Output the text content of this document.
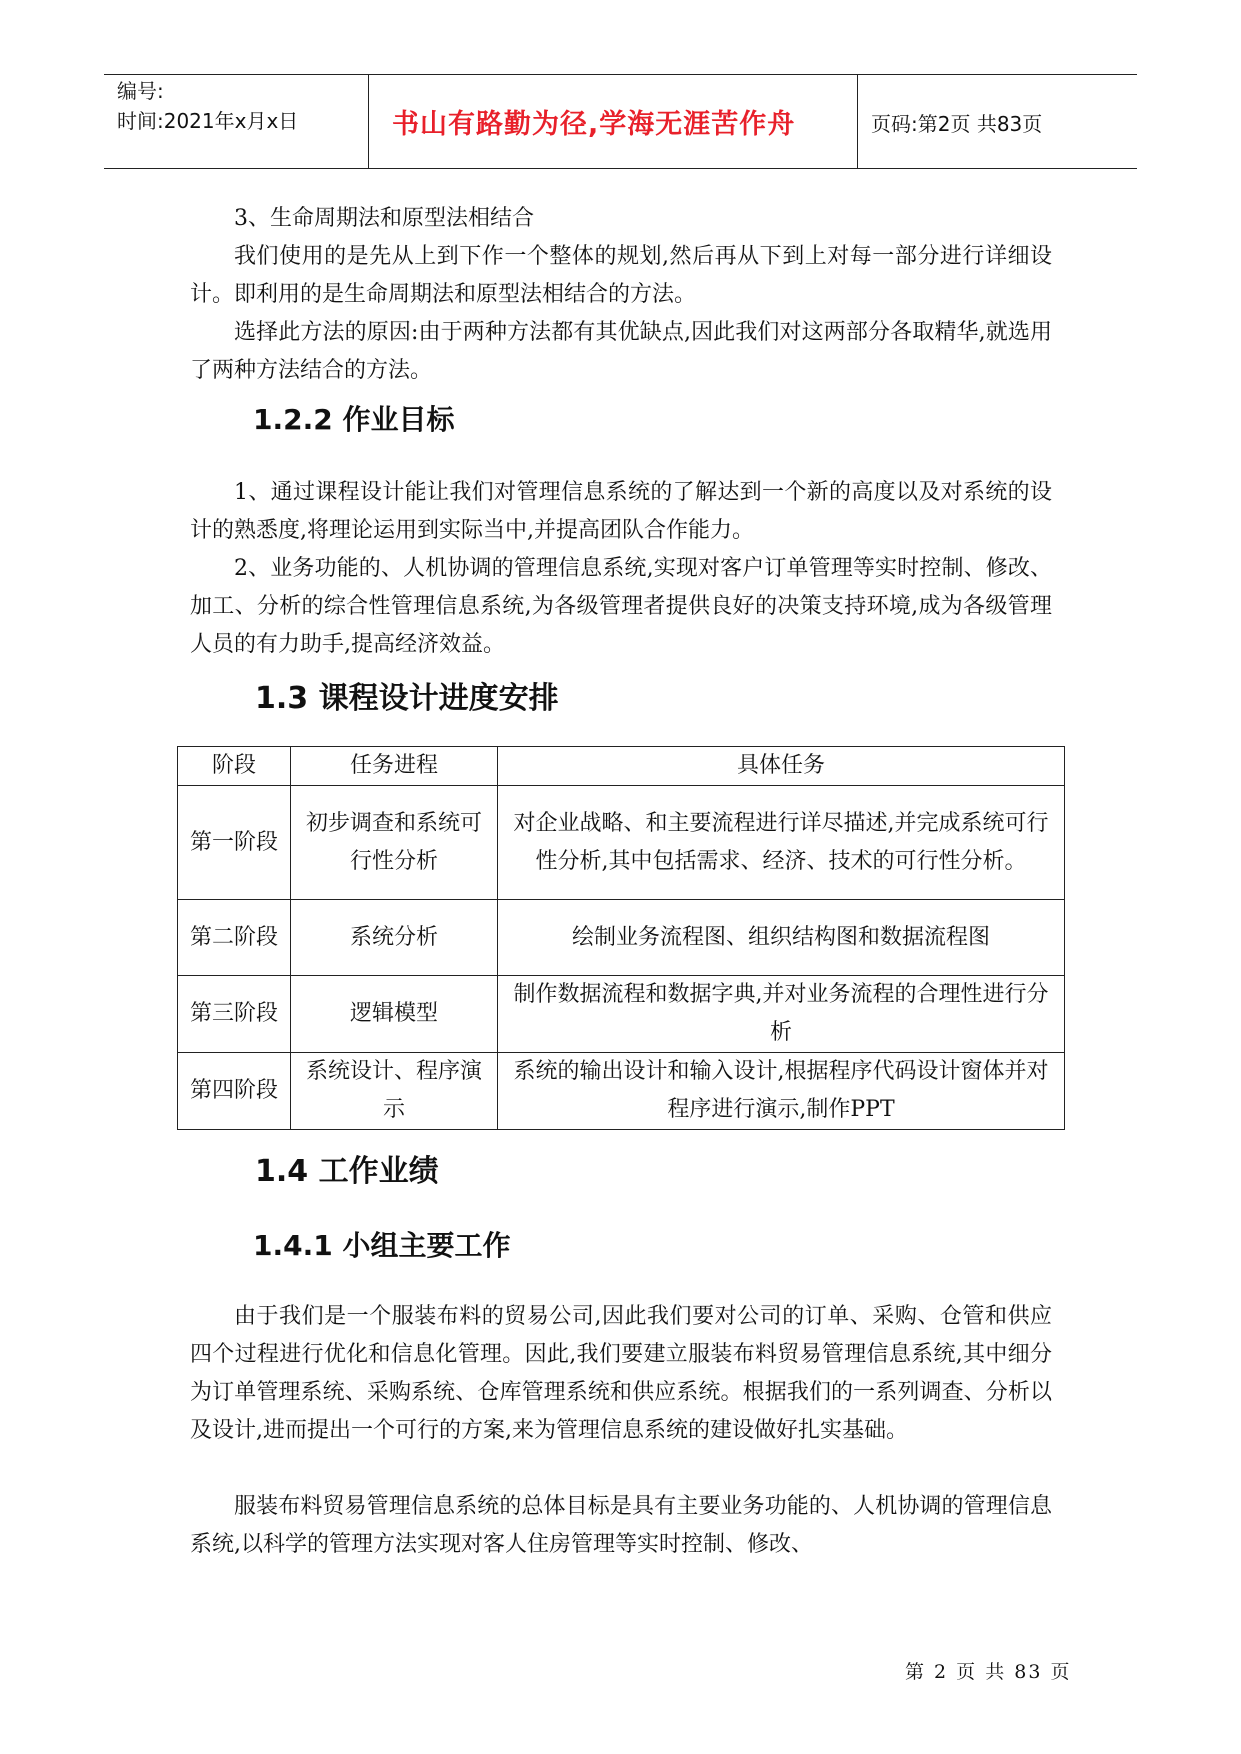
编号:
时间:2021年x月x日	书山有路勤为径,学海无涯苦作舟	页码:第2页 共83页
3、生命周期法和原型法相结合
我们使用的是先从上到下作一个整体的规划,然后再从下到上对每一部分进行详细设计。即利用的是生命周期法和原型法相结合的方法。
选择此方法的原因:由于两种方法都有其优缺点,因此我们对这两部分各取精华,就选用了两种方法结合的方法。
1.2.2 作业目标
1、通过课程设计能让我们对管理信息系统的了解达到一个新的高度以及对系统的设计的熟悉度,将理论运用到实际当中,并提高团队合作能力。
2、业务功能的、人机协调的管理信息系统,实现对客户订单管理等实时控制、修改、加工、分析的综合性管理信息系统,为各级管理者提供良好的决策支持环境,成为各级管理人员的有力助手,提高经济效益。
1.3 课程设计进度安排
阶段	任务进程	具体任务
第一阶段	初步调查和系统可行性分析	对企业战略、和主要流程进行详尽描述,并完成系统可行性分析,其中包括需求、经济、技术的可行性分析。
第二阶段	系统分析	绘制业务流程图、组织结构图和数据流程图
第三阶段	逻辑模型	制作数据流程和数据字典,并对业务流程的合理性进行分析
第四阶段	系统设计、程序演示	系统的输出设计和输入设计,根据程序代码设计窗体并对程序进行演示,制作PPT
1.4 工作业绩
1.4.1 小组主要工作
由于我们是一个服装布料的贸易公司,因此我们要对公司的订单、采购、仓管和供应四个过程进行优化和信息化管理。因此,我们要建立服装布料贸易管理信息系统,其中细分为订单管理系统、采购系统、仓库管理系统和供应系统。根据我们的一系列调查、分析以及设计,进而提出一个可行的方案,来为管理信息系统的建设做好扎实基础。
服装布料贸易管理信息系统的总体目标是具有主要业务功能的、人机协调的管理信息系统,以科学的管理方法实现对客人住房管理等实时控制、修改、
第 2 页 共 83 页
